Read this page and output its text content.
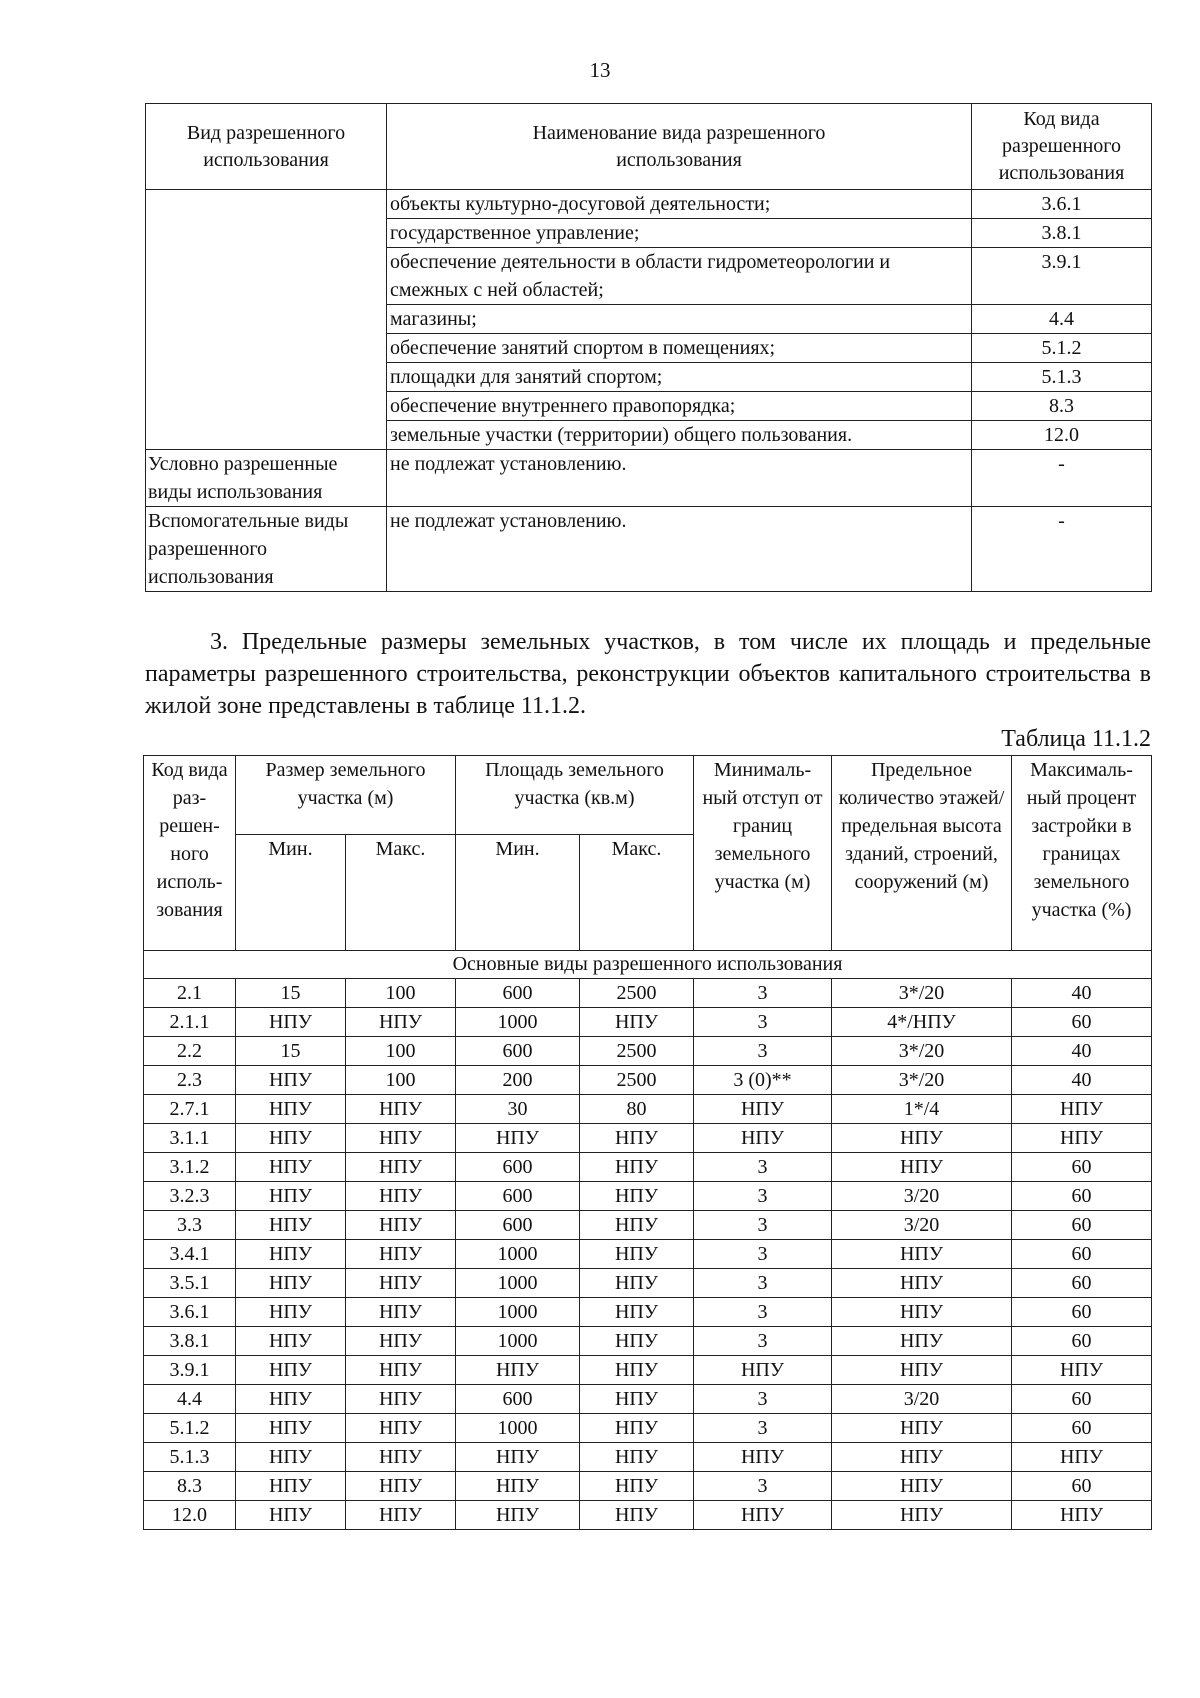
13
Вид разрешенного использования	Наименование вида разрешенного использования	Код вида разрешенного использования
	объекты культурно-досуговой деятельности;	3.6.1
	государственное управление;	3.8.1
	обеспечение деятельности в области гидрометеорологии и смежных с ней областей;	3.9.1
	магазины;	4.4
	обеспечение занятий спортом в помещениях;	5.1.2
	площадки для занятий спортом;	5.1.3
	обеспечение внутреннего правопорядка;	8.3
	земельные участки (территории) общего пользования.	12.0
Условно разрешенные виды использования	не подлежат установлению.	-
Вспомогательные виды разрешенного использования	не подлежат установлению.	-
3. Предельные размеры земельных участков, в том числе их площадь и предельные параметры разрешенного строительства, реконструкции объектов капитального строительства в жилой зоне представлены в таблице 11.1.2.
Таблица 11.1.2
Код вида раз- решен- ного исполь- зования	Размер земельного участка (м)		Площадь земельного участка (кв.м)		Минималь- ный отступ от границ земельного участка (м)	Предельное количество этажей/ предельная высота зданий, строений, сооружений (м)	Максималь- ный процент застройки в границах земельного участка (%)
	Мин.	Макс.	Мин.	Макс.			
Основные виды разрешенного использования							
2.1	15	100	600	2500	3	3*/20	40
2.1.1	НПУ	НПУ	1000	НПУ	3	4*/НПУ	60
2.2	15	100	600	2500	3	3*/20	40
2.3	НПУ	100	200	2500	3 (0)**	3*/20	40
2.7.1	НПУ	НПУ	30	80	НПУ	1*/4	НПУ
3.1.1	НПУ	НПУ	НПУ	НПУ	НПУ	НПУ	НПУ
3.1.2	НПУ	НПУ	600	НПУ	3	НПУ	60
3.2.3	НПУ	НПУ	600	НПУ	3	3/20	60
3.3	НПУ	НПУ	600	НПУ	3	3/20	60
3.4.1	НПУ	НПУ	1000	НПУ	3	НПУ	60
3.5.1	НПУ	НПУ	1000	НПУ	3	НПУ	60
3.6.1	НПУ	НПУ	1000	НПУ	3	НПУ	60
3.8.1	НПУ	НПУ	1000	НПУ	3	НПУ	60
3.9.1	НПУ	НПУ	НПУ	НПУ	НПУ	НПУ	НПУ
4.4	НПУ	НПУ	600	НПУ	3	3/20	60
5.1.2	НПУ	НПУ	1000	НПУ	3	НПУ	60
5.1.3	НПУ	НПУ	НПУ	НПУ	НПУ	НПУ	НПУ
8.3	НПУ	НПУ	НПУ	НПУ	3	НПУ	60
12.0	НПУ	НПУ	НПУ	НПУ	НПУ	НПУ	НПУ
